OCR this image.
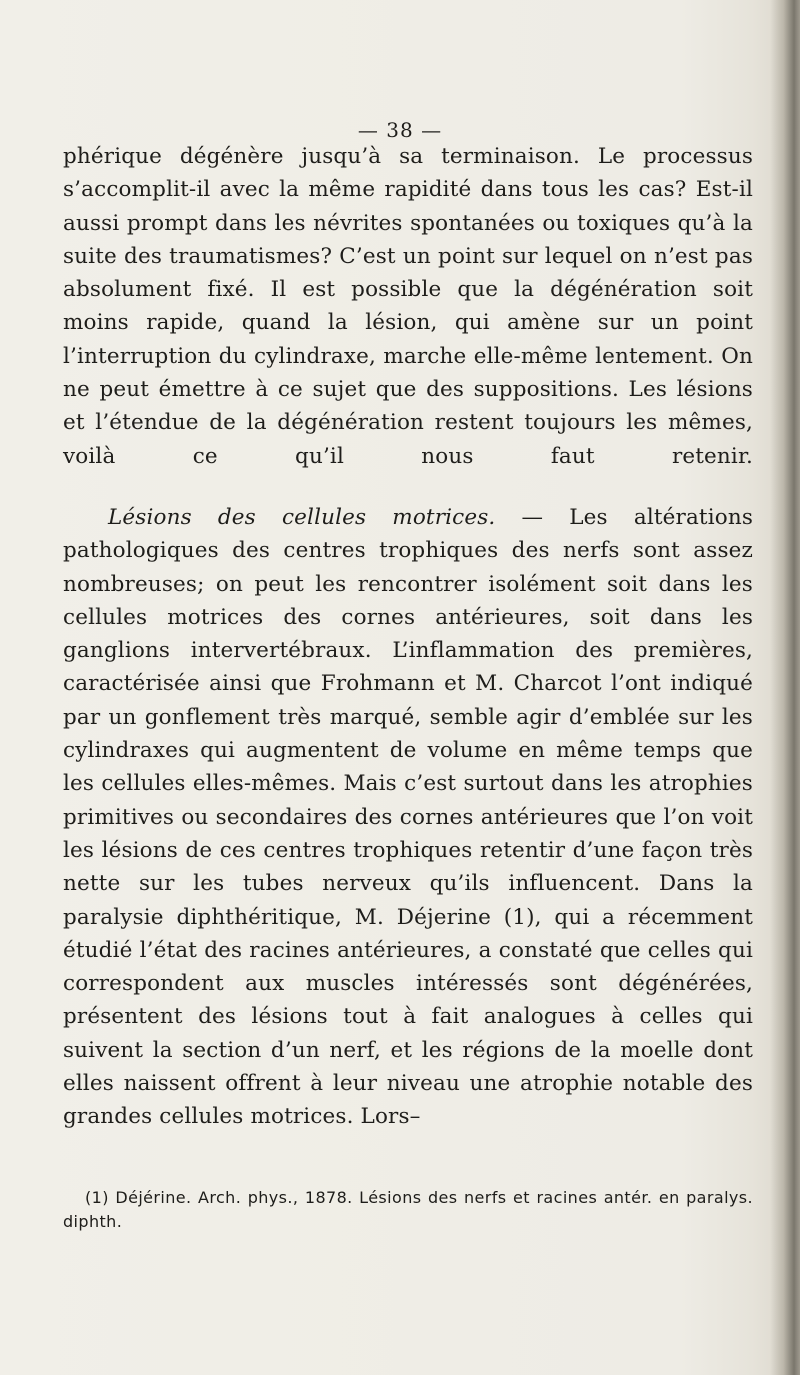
— 38 —

phérique dégénère jusqu’à sa terminaison. Le processus s’accomplit-il avec la même rapidité dans tous les cas? Est-il aussi prompt dans les névrites spontanées ou toxiques qu’à la suite des traumatismes? C’est un point sur lequel on n’est pas absolument fixé. Il est possible que la dégénération soit moins rapide, quand la lésion, qui amène sur un point l’interruption du cylindraxe, marche elle-même lentement. On ne peut émettre à ce sujet que des suppositions. Les lésions et l’étendue de la dégénération restent toujours les mêmes, voilà ce qu’il nous faut retenir.

Lésions des cellules motrices. — Les altérations pathologiques des centres trophiques des nerfs sont assez nombreuses; on peut les rencontrer isolément soit dans les cellules motrices des cornes antérieures, soit dans les ganglions intervertébraux. L’inflammation des premières, caractérisée ainsi que Frohmann et M. Charcot l’ont indiqué par un gonflement très marqué, semble agir d’emblée sur les cylindraxes qui augmentent de volume en même temps que les cellules elles-mêmes. Mais c’est surtout dans les atrophies primitives ou secondaires des cornes antérieures que l’on voit les lésions de ces centres trophiques retentir d’une façon très nette sur les tubes nerveux qu’ils influencent. Dans la paralysie diphthéritique, M. Déjerine (1), qui a récemment étudié l’état des racines antérieures, a constaté que celles qui correspondent aux muscles intéressés sont dégénérées, présentent des lésions tout à fait analogues à celles qui suivent la section d’un nerf, et les régions de la moelle dont elles naissent offrent à leur niveau une atrophie notable des grandes cellules motrices. Lors–

(1) Déjérine. Arch. phys., 1878. Lésions des nerfs et racines antér. en paralys. diphth.
